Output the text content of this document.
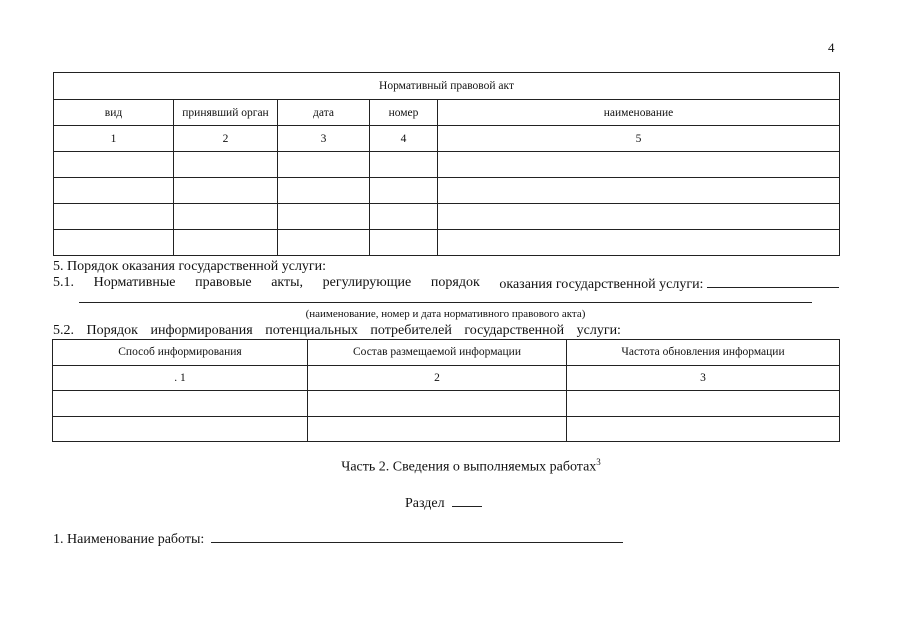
4
Нормативный правовой акт				
вид	принявший орган	дата	номер	наименование
1	2	3	4	5

5. Порядок оказания государственной услуги:
5.1. Нормативные правовые акты, регулирующие порядок оказания государственной услуги:
(наименование, номер и дата нормативного правового акта)
5.2. Порядок информирования потенциальных потребителей государственной услуги:
Способ информирования	Состав размещаемой информации	Частота обновления информации
. 1	2	3

Часть 2. Сведения о выполняемых работах$^3$
Раздел
1. Наименование работы:
